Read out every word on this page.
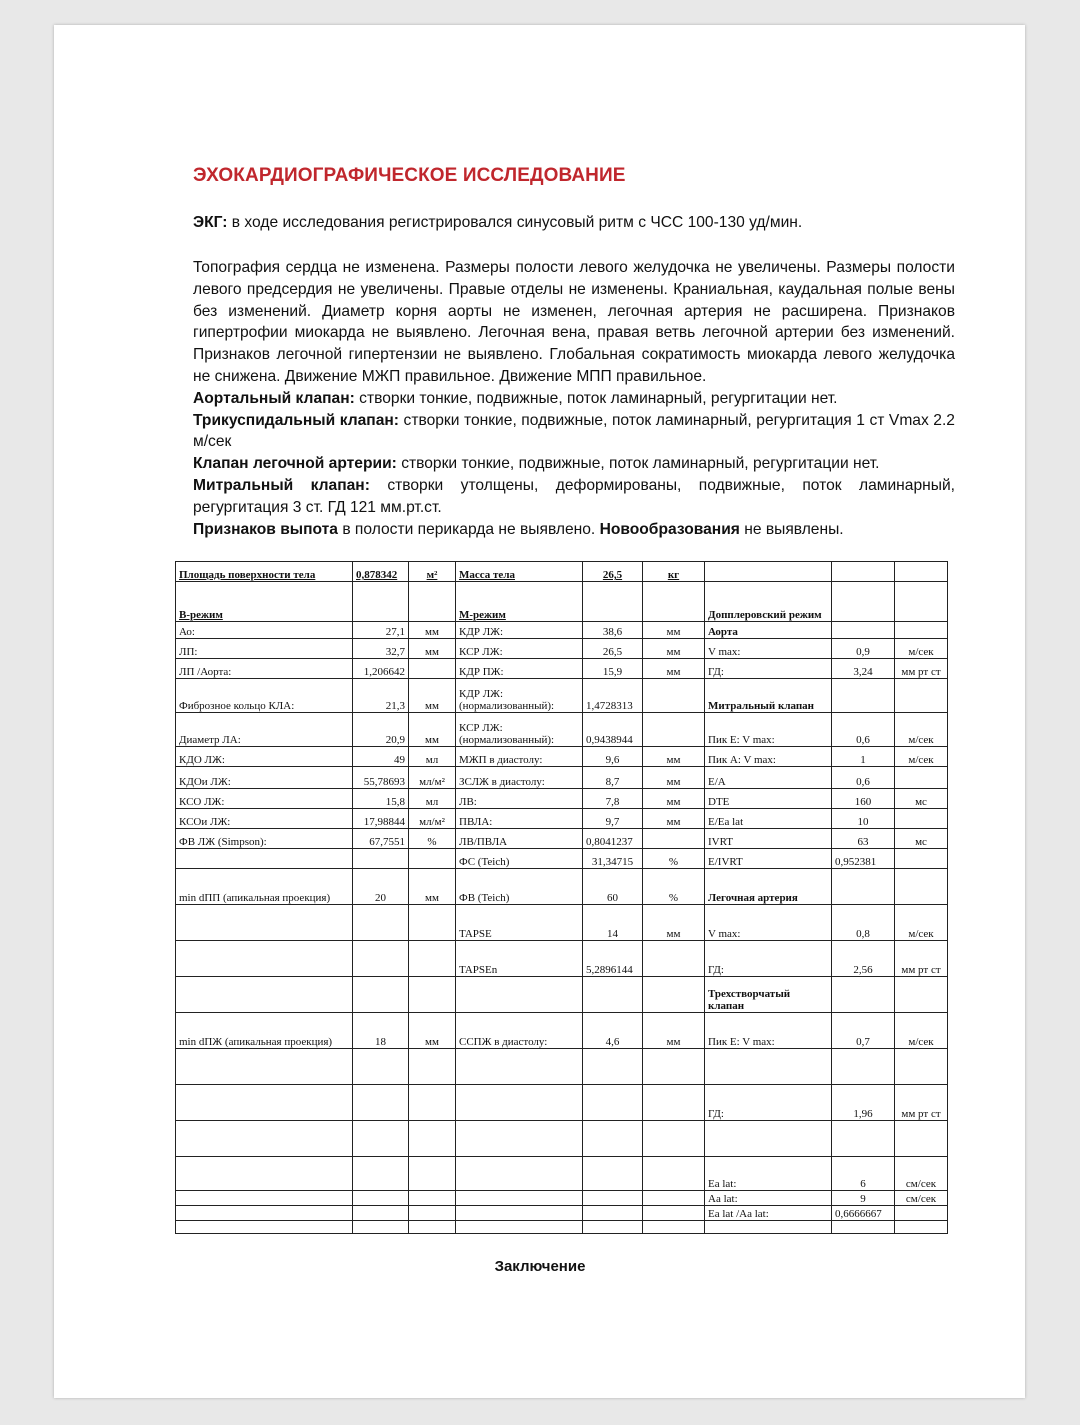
ЭХОКАРДИОГРАФИЧЕСКОЕ ИССЛЕДОВАНИЕ

ЭКГ: в ходе исследования регистрировался синусовый ритм с ЧСС 100-130 уд/мин.

Топография сердца не изменена. Размеры полости левого желудочка не увеличены. Размеры полости левого предсердия не увеличены. Правые отделы не изменены. Краниальная, каудальная полые вены без изменений. Диаметр корня аорты не изменен, легочная артерия не расширена. Признаков гипертрофии миокарда не выявлено. Легочная вена, правая ветвь легочной артерии без изменений. Признаков легочной гипертензии не выявлено. Глобальная сократимость миокарда левого желудочка не снижена. Движение МЖП правильное. Движение МПП правильное.

Аортальный клапан: створки тонкие, подвижные, поток ламинарный, регургитации нет.

Трикуспидальный клапан: створки тонкие, подвижные, поток ламинарный, регургитация 1 ст Vmax 2.2 м/сек

Клапан легочной артерии: створки тонкие, подвижные, поток ламинарный, регургитации нет.

Митральный клапан: створки утолщены, деформированы, подвижные, поток ламинарный, регургитация 3 ст. ГД 121 мм.рт.ст.

Признаков выпота в полости перикарда не выявлено. Новообразования не выявлены.

Площадь поверхности тела	0,878342	м²	Масса тела	26,5	кг			
В-режим			М-режим			Допплеровский режим		
Ао:	27,1	мм	КДР ЛЖ:	38,6	мм	Аорта		
ЛП:	32,7	мм	КСР ЛЖ:	26,5	мм	V max:	0,9	м/сек
ЛП /Аорта:	1,206642		КДР ПЖ:	15,9	мм	ГД:	3,24	мм рт ст
Фиброзное кольцо КЛА:	21,3	мм	КДР ЛЖ: (нормализованный):	1,4728313		Митральный клапан		
Диаметр ЛА:	20,9	мм	КСР ЛЖ: (нормализованный):	0,9438944		Пик E: V max:	0,6	м/сек
КДО ЛЖ:	49	мл	МЖП в диастолу:	9,6	мм	Пик A: V max:	1	м/сек
КДОи ЛЖ:	55,78693	мл/м²	ЗСЛЖ в диастолу:	8,7	мм	E/A	0,6	
КСО ЛЖ:	15,8	мл	ЛВ:	7,8	мм	DTE	160	мс
КСОи ЛЖ:	17,98844	мл/м²	ПВЛА:	9,7	мм	E/Ea lat	10	
ФВ ЛЖ (Simpson):	67,7551	%	ЛВ/ПВЛА	0,8041237		IVRT	63	мс
			ФС (Teich)	31,34715	%	E/IVRT	0,952381	
min dПП (апикальная проекция)	20	мм	ФВ (Teich)	60	%	Легочная артерия		
			TAPSE	14	мм	V max:	0,8	м/сек
			TAPSEn	5,2896144		ГД:	2,56	мм рт ст
						Трехстворчатый клапан		
min dПЖ (апикальная проекция)	18	мм	ССПЖ в диастолу:	4,6	мм	Пик E: V max:	0,7	м/сек

						ГД:	1,96	мм рт ст

						Ea lat:	6	см/сек
						Aa lat:	9	см/сек
						Ea lat /Aa lat:	0,6666667	

Заключение
